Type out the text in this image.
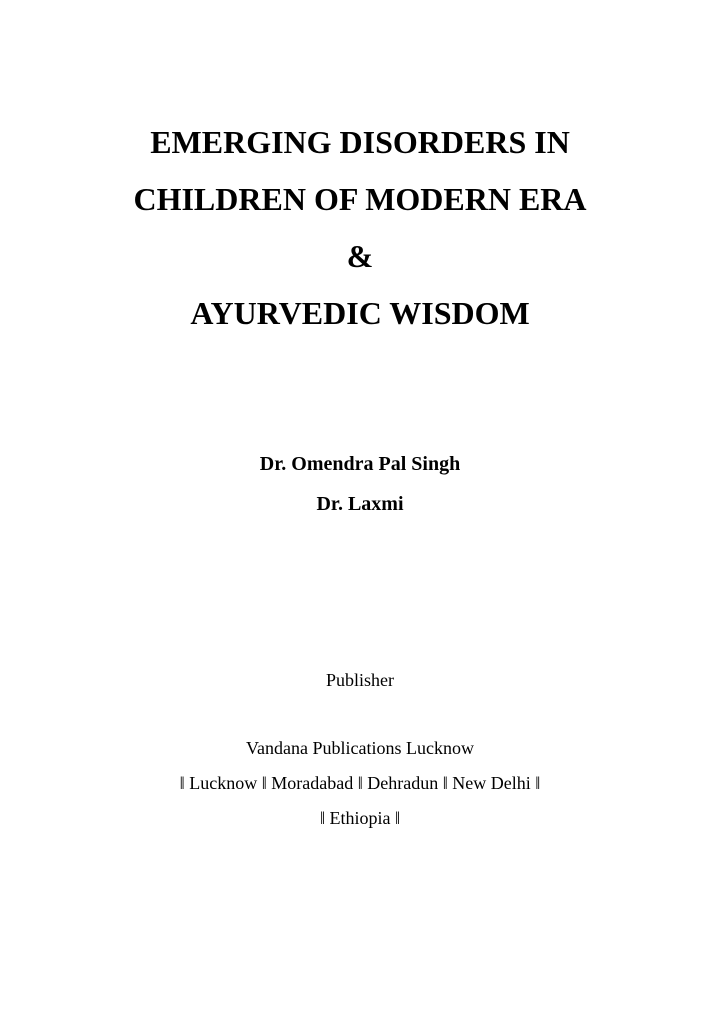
EMERGING DISORDERS IN
CHILDREN OF MODERN ERA
&
AYURVEDIC WISDOM
Dr. Omendra Pal Singh
Dr. Laxmi
Publisher
Vandana Publications Lucknow
‖ Lucknow ‖ Moradabad ‖ Dehradun ‖ New Delhi ‖
‖ Ethiopia ‖
